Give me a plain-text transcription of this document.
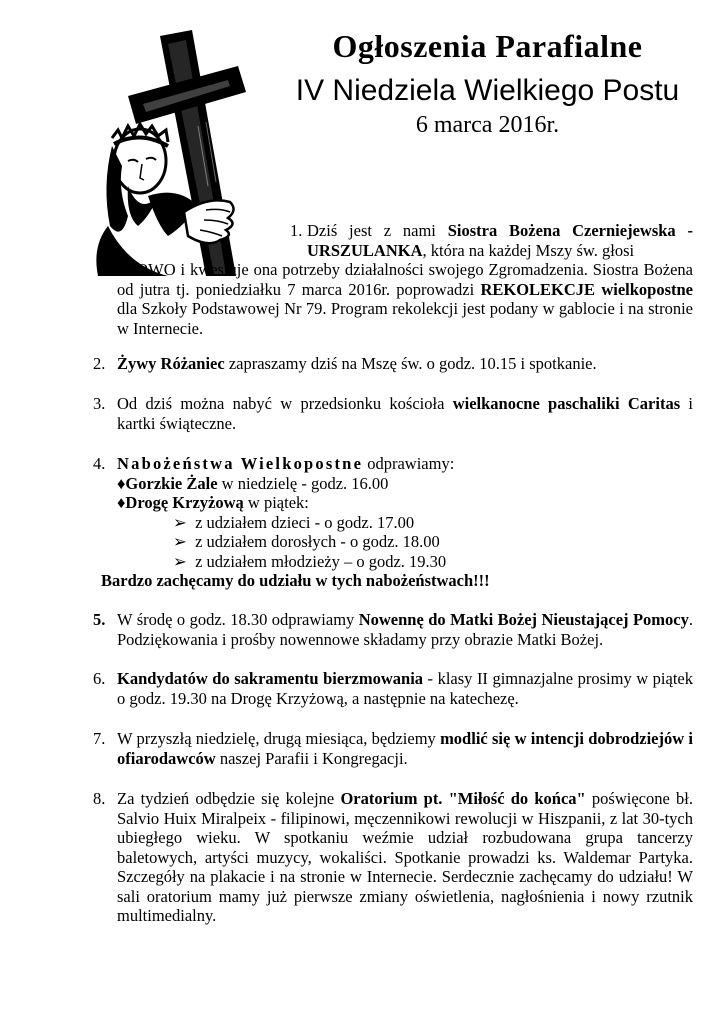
Ogłoszenia Parafialne
IV Niedziela Wielkiego Postu
6 marca 2016r.
1. Dziś jest z nami Siostra Bożena Czerniejewska - URSZULANKA, która na każdej Mszy św. głosi
SŁOWO i kwestuje ona potrzeby działalności swojego Zgromadzenia. Siostra Bożena od jutra tj. poniedziałku 7 marca 2016r. poprowadzi REKOLEKCJE wielkopostne dla Szkoły Podstawowej Nr 79. Program rekolekcji jest podany w gablocie i na stronie w Internecie.
2. Żywy Różaniec zapraszamy dziś na Mszę św. o godz. 10.15 i spotkanie.
3. Od dziś można nabyć w przedsionku kościoła wielkanocne paschaliki Caritas i kartki świąteczne.
4. Nabożeństwa Wielkopostne odprawiamy:
♦Gorzkie Żale w niedzielę - godz. 16.00
♦Drogę Krzyżową w piątek:
➢  z udziałem dzieci - o godz. 17.00
➢  z udziałem dorosłych - o godz. 18.00
➢  z udziałem młodzieży – o godz. 19.30
Bardzo zachęcamy do udziału w tych nabożeństwach!!!
5. W środę o godz. 18.30 odprawiamy Nowennę do Matki Bożej Nieustającej Pomocy. Podziękowania i prośby nowennowe składamy przy obrazie Matki Bożej.
6. Kandydatów do sakramentu bierzmowania - klasy II gimnazjalne prosimy w piątek o godz. 19.30 na Drogę Krzyżową, a następnie na katechezę.
7. W przyszłą niedzielę, drugą miesiąca, będziemy modlić się w intencji dobrodziejów i ofiarodawców naszej Parafii i Kongregacji.
8. Za tydzień odbędzie się kolejne Oratorium pt. "Miłość do końca" poświęcone bł. Salvio Huix Miralpeix - filipinowi, męczennikowi rewolucji w Hiszpanii, z lat 30-tych ubiegłego wieku. W spotkaniu weźmie udział rozbudowana grupa tancerzy baletowych, artyści muzycy, wokaliści. Spotkanie prowadzi ks. Waldemar Partyka. Szczegóły na plakacie i na stronie w Internecie. Serdecznie zachęcamy do udziału! W sali oratorium mamy już pierwsze zmiany oświetlenia, nagłośnienia i nowy rzutnik multimedialny.
